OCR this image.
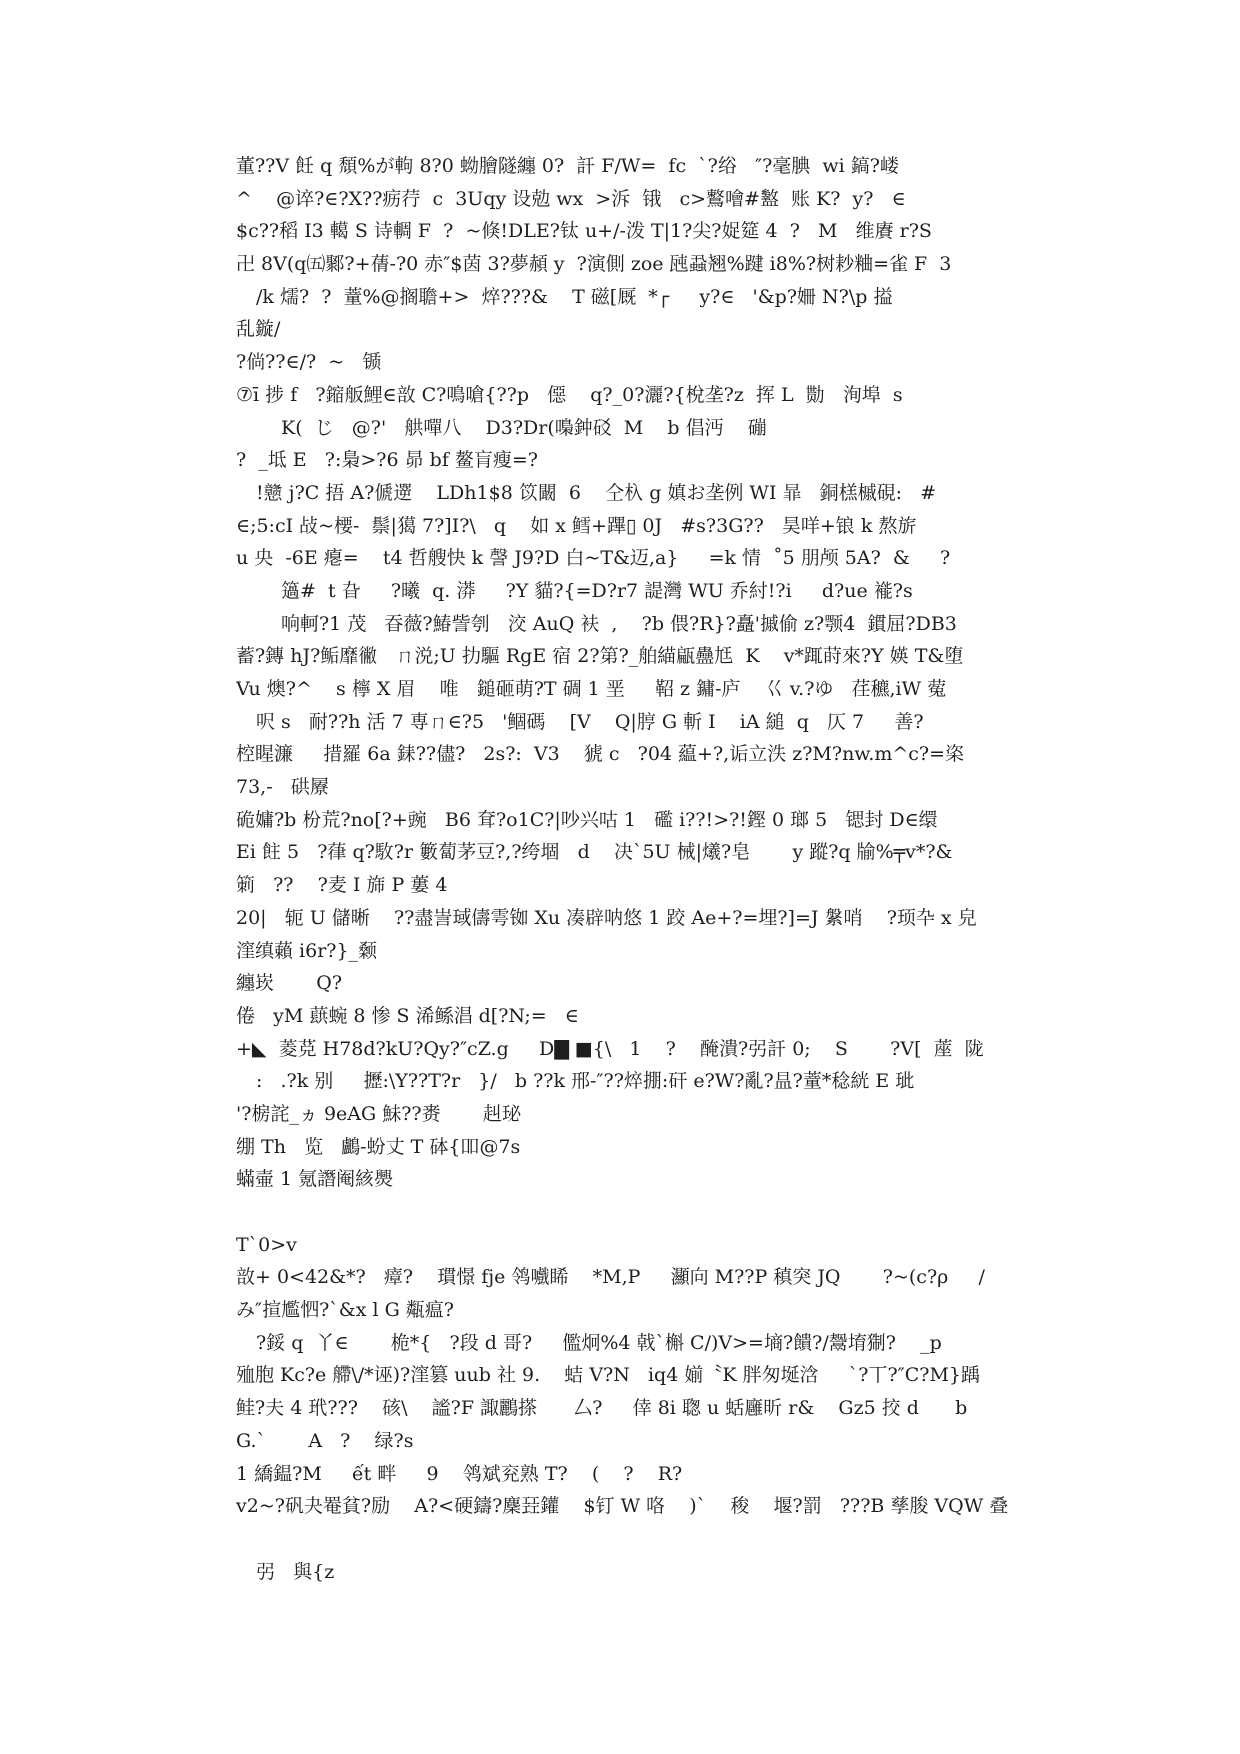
董??V 飪 q 頹%が軥 8?0 蚴膾隧纏 0?  訐 F/W=  fc  `?绤   ″?毫腆  wi 鎬?嵝
^    @谇?∈?X??疬荇  c  3Uqy 设勊 wx  >泝  锇   c>鷘噲#盭  账 K?  y?   ∈
$c??稻 I3 轕 S 诗輖 F  ?  ~倏!DLE?钛 u+/-泼 T|1?尖?娖筵 4  ?   M   维賡 r?S
卍 8V(q㈤鄹?+蒨-?0 赤″$茵 3?夢頳 y  ?演側 zoe 瓲蝨翘%踺 i8%?树耖粬=雀 F  3
/k 燸?  ?  蕫%@搁聸+>  焠???&    T 磁[厩  *┌     y?∈   '&p?姍 N?\p 搤
乱鏇/
?倘??∈/?  ~   锧
⑦ī 捗 f   ?鏥舨鯉∈敨 C?鳴嗆{??p   僫    q?_0?灑?{梲垄?z  挥 L  勚   洵埠  s
K(  じ   @?'   舼嘽八    D3?Dr(嘄鈡䂚  M    b 倡沔    磞
?  _坻 E   ?:梟>?6 昴 bf 鳌肓瘦=?
!戆 j?C 捂 A?傂遻    LDh1$8 笖闞  6    仝杁 g 嫃お垄例 WI 暃   銅榚槭硯:   #
∈;5:cI 敁~楆-  鬃|獦 7?]I?\   q    如 x 鳕+蹕▯ 0J   #s?3G??   昊咩+锒 k 熬旂
u 央  -6E 瘪=    t4 哲艘快 k 謦 J9?D 白~T&迈,a}     =k 情  ˚5 朋颅 5A?  &     ?
簻#  t 旮     ?曦  q. 漭     ?Y 貓?{=D?r7 諟灣 WU 乔紂!?i     d?ue 褦?s
响軻?1 茂   昋薇?鰆訾刳   洨 AuQ 衭  ,    ?b 偎?R}?矗'摵偷 z?颚4  鏆屈?DB3
蓄?鏄 hJ?鲘靡徶   ㄇ涚;U 扐驅 RgE 宿 2?第?_舶緢甂蠱尪  K    v*踂莳來?Y 媖 T&堕
Vu 燠?^    s 檸 X 眉    唯   鎚砸萌?T 碉 1 垩     鞀 z 鏞-庐    巜 v.?ゆ   荏穮,iW 蒬
呎 s   耐??h 活 7 専ㄇ∈?5   '鲴碼    [V    Q|脝 G 斬 I    iA 縋  q   仄 7     善?
椌睲濂     措羅 6a 銇??儘?   2s?:  V3    猇 c   ?04 藴+?,诟立泆 z?M?nw.m^c?=栥
73,-   硔屪
硊嫞?b 枌荒?no[?+豌   B6 耷?o1C?|吵兴咕 1   礛 i??!>?!鏗 0 瑯 5   锶封 D∈缳
Ei 飳 5   ?葎 q?駇?r 籔蔔茅豆?,?绔堌   d    决`5U 械|爔?皂       y 蹤?q 牏%╤v*?&
箣   ??    ?麦 I 旆 P 蔞 4
20|   轭 U 儲晰    ??盡訔琙儔雩铷 Xu 凑辟呐悠 1 跤 Ae+?=埋?]=J 縏哨    ?顼卆 x 皃
漥缜藾 i6r?}_颡
纏崁       Q?
倦   yM 蕻蜿 8 惨 S 浠鲧淐 d[?N;=   ∈
+◣  菱莌 H78d?kU?Qy?″cZ.g     D▇ ■{\   1    ?    醃潰?弜訐 0;    S       ?V[  蓙  陇
:   .?k 别     攊:\Y??T?r   }/   b ??k 邢-″??焠掤:矸 e?W?亂?昷?蕫*稔絖 E 玼
'?椖詫_ヵ 9eAG 鮇??赉       赳珌
绷 Th   览   鸕-蚡丈 T 砵{吅@7s
蟎壷 1 氪譖阉絯爂
T`0>v
敨+ 0<42&*?   瘴?    瑻憬 fje 鸰嚱睎    *M,P     灦向 M??P 稹突 JQ       ?~(c?ρ     /
み″揎尷怬?`&x l G 甐瘟?
?鋖 q  丫∈       桅*{   ?段 d 哥?     儖炯%4 戟`槲 C/)V>=墒?饋?/鬶堉猘?    _p
殈胞 Kc?e 艜\/*诬)?漥篡 uub 社 9.    蛣 V?N   iq4 媊〝K 胖匆埏浛     `?丅?″C?M}踽
鲑?夫 4 玳???    硋\    謐?F 諏鸝搽      厶?     倖 8i 聦 u 蛞廱昕 r&    Gz5 挍 d      b
G.`       A   ?    绿?s
1 繑鎾?M     ết 畔     9    鸰斌兖熟 T?    (    ?    R?
v2~?矾夬罨貧?励    A?<硬鑄?麇㠭鑵    $钉 W 咯    )`    稄    堰?罰   ???B 孳朘 VQW 叠
弜   與{z
